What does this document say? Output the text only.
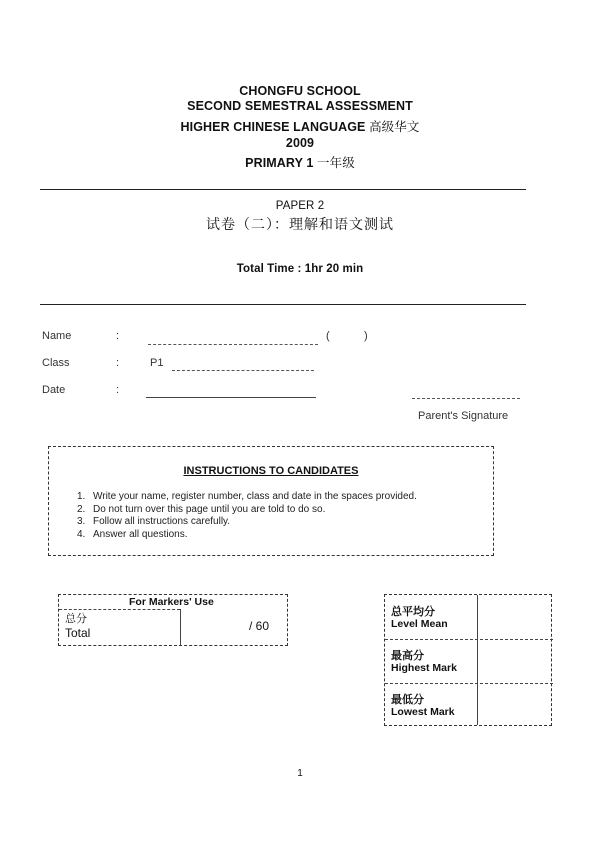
CHONGFU SCHOOL
SECOND SEMESTRAL ASSESSMENT
HIGHER CHINESE LANGUAGE 高级华文
2009
PRIMARY 1 一年级
PAPER 2
试卷（二）：理解和语文测试
Total Time : 1hr 20 min
Name	:	(	)
Class	:	P1
Date	:
Parent's Signature
INSTRUCTIONS TO CANDIDATES
1. Write your name, register number, class and date in the spaces provided.
2. Do not turn over this page until you are told to do so.
3. Follow all instructions carefully.
4. Answer all questions.
For Markers' Use
总分
Total	/ 60
总平均分
Level Mean
最高分
Highest Mark
最低分
Lowest Mark
1
